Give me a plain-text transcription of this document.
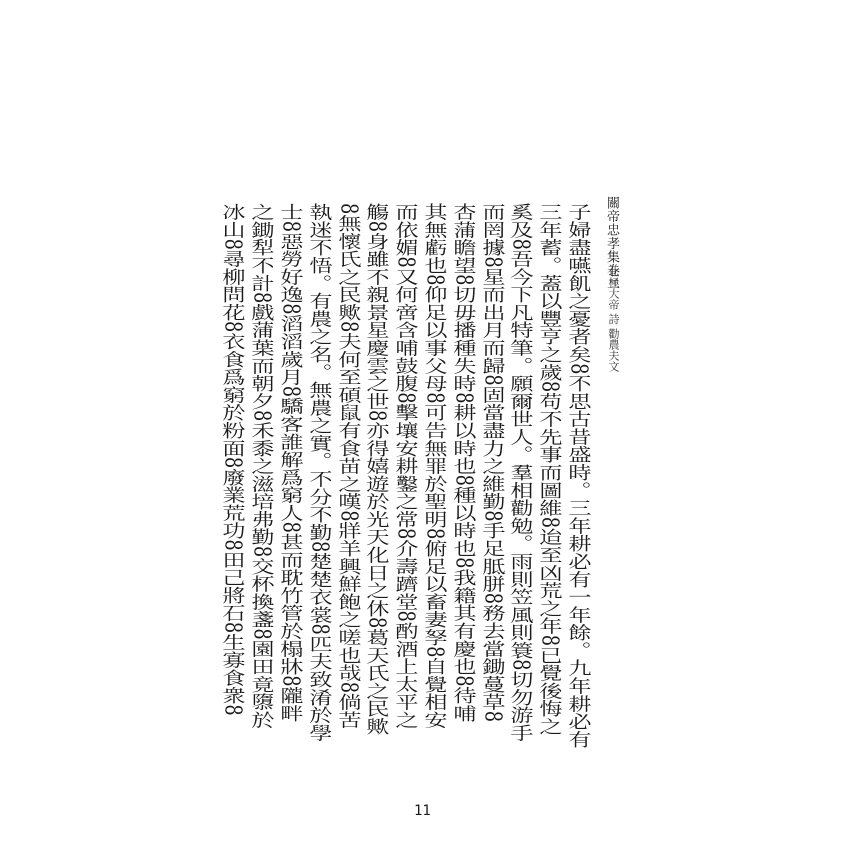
關帝忠孝集卷二
北極大帝 詩 勸農夫文
子婦盡嚥飢之憂者矣8不思古昔盛時。三年耕必有一年餘。九年耕必有
三年蓄。蓋以豐亨之歲8苟不先事而圖維8迨至凶荒之年8已覺後悔之
奚及8吾今下凡特筆。願爾世人。羣相勸勉。雨則笠風則簑8切勿游手
而罔據8星而出月而歸8固當盡力之維勤8手足胝胼8務去當鋤蔓草8
杏蒲瞻望8切毋播種失時8耕以時也8種以時也8我籍其有慶也8待哺
其無虧也8仰足以事父母8可告無罪於聖明8俯足以畜妻孥8自覺相安
而依媚8又何啻含哺鼓腹8擊壤安耕鑿之常8介壽躋堂8酌酒上太平之
觴8身雖不親景星慶雲之世8亦得嬉遊於光天化日之休8葛天氏之民歟
8無懷氏之民歟8夫何至碩鼠有食苗之嘆8牂羊興鮮飽之嗟也哉8倘苦
執迷不悟。有農之名。無農之實。不分不勤8楚楚衣裳8匹夫致淆於學
士8惡勞好逸8滔滔歲月8驕客誰解爲窮人8甚而耽竹管於榻牀8隴畔
之鋤犁不計8戲蒲葉而朝夕8禾黍之滋培弗勤8交杯換盞8園田竟隳於
冰山8尋柳問花8衣食爲窮於粉面8廢業荒功8田己將石8生寡食衆8
11
